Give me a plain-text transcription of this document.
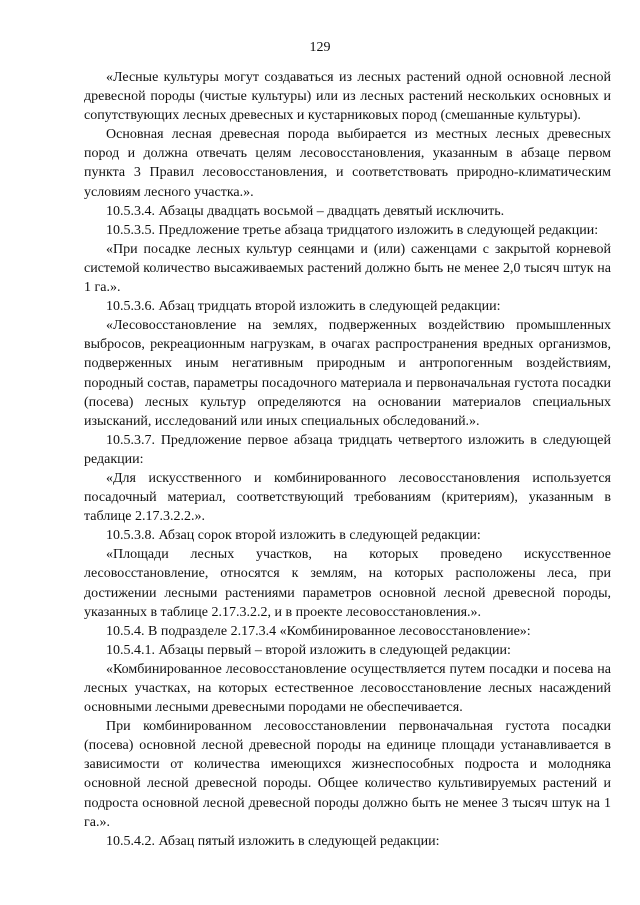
129

«Лесные культуры могут создаваться из лесных растений одной основной лесной древесной породы (чистые культуры) или из лесных растений нескольких основных и сопутствующих лесных древесных и кустарниковых пород (смешанные культуры).

Основная лесная древесная порода выбирается из местных лесных древесных пород и должна отвечать целям лесовосстановления, указанным в абзаце первом пункта 3 Правил лесовосстановления, и соответствовать природно-климатическим условиям лесного участка.».

10.5.3.4. Абзацы двадцать восьмой – двадцать девятый исключить.

10.5.3.5. Предложение третье абзаца тридцатого изложить в следующей редакции:

«При посадке лесных культур сеянцами и (или) саженцами с закрытой корневой системой количество высаживаемых растений должно быть не менее 2,0 тысяч штук на 1 га.».

10.5.3.6. Абзац тридцать второй изложить в следующей редакции:

«Лесовосстановление на землях, подверженных воздействию промышленных выбросов, рекреационным нагрузкам, в очагах распространения вредных организмов, подверженных иным негативным природным и антропогенным воздействиям, породный состав, параметры посадочного материала и первоначальная густота посадки (посева) лесных культур определяются на основании материалов специальных изысканий, исследований или иных специальных обследований.».

10.5.3.7. Предложение первое абзаца тридцать четвертого изложить в следующей редакции:

«Для искусственного и комбинированного лесовосстановления используется посадочный материал, соответствующий требованиям (критериям), указанным в таблице 2.17.3.2.2.».

10.5.3.8. Абзац сорок второй изложить в следующей редакции:

«Площади лесных участков, на которых проведено искусственное лесовосстановление, относятся к землям, на которых расположены леса, при достижении лесными растениями параметров основной лесной древесной породы, указанных в таблице 2.17.3.2.2, и в проекте лесовосстановления.».

10.5.4. В подразделе 2.17.3.4 «Комбинированное лесовосстановление»:

10.5.4.1. Абзацы первый – второй изложить в следующей редакции:

«Комбинированное лесовосстановление осуществляется путем посадки и посева на лесных участках, на которых естественное лесовосстановление лесных насаждений основными лесными древесными породами не обеспечивается.

При комбинированном лесовосстановлении первоначальная густота посадки (посева) основной лесной древесной породы на единице площади устанавливается в зависимости от количества имеющихся жизнеспособных подроста и молодняка основной лесной древесной породы. Общее количество культивируемых растений и подроста основной лесной древесной породы должно быть не менее 3 тысяч штук на 1 га.».

10.5.4.2. Абзац пятый изложить в следующей редакции:
